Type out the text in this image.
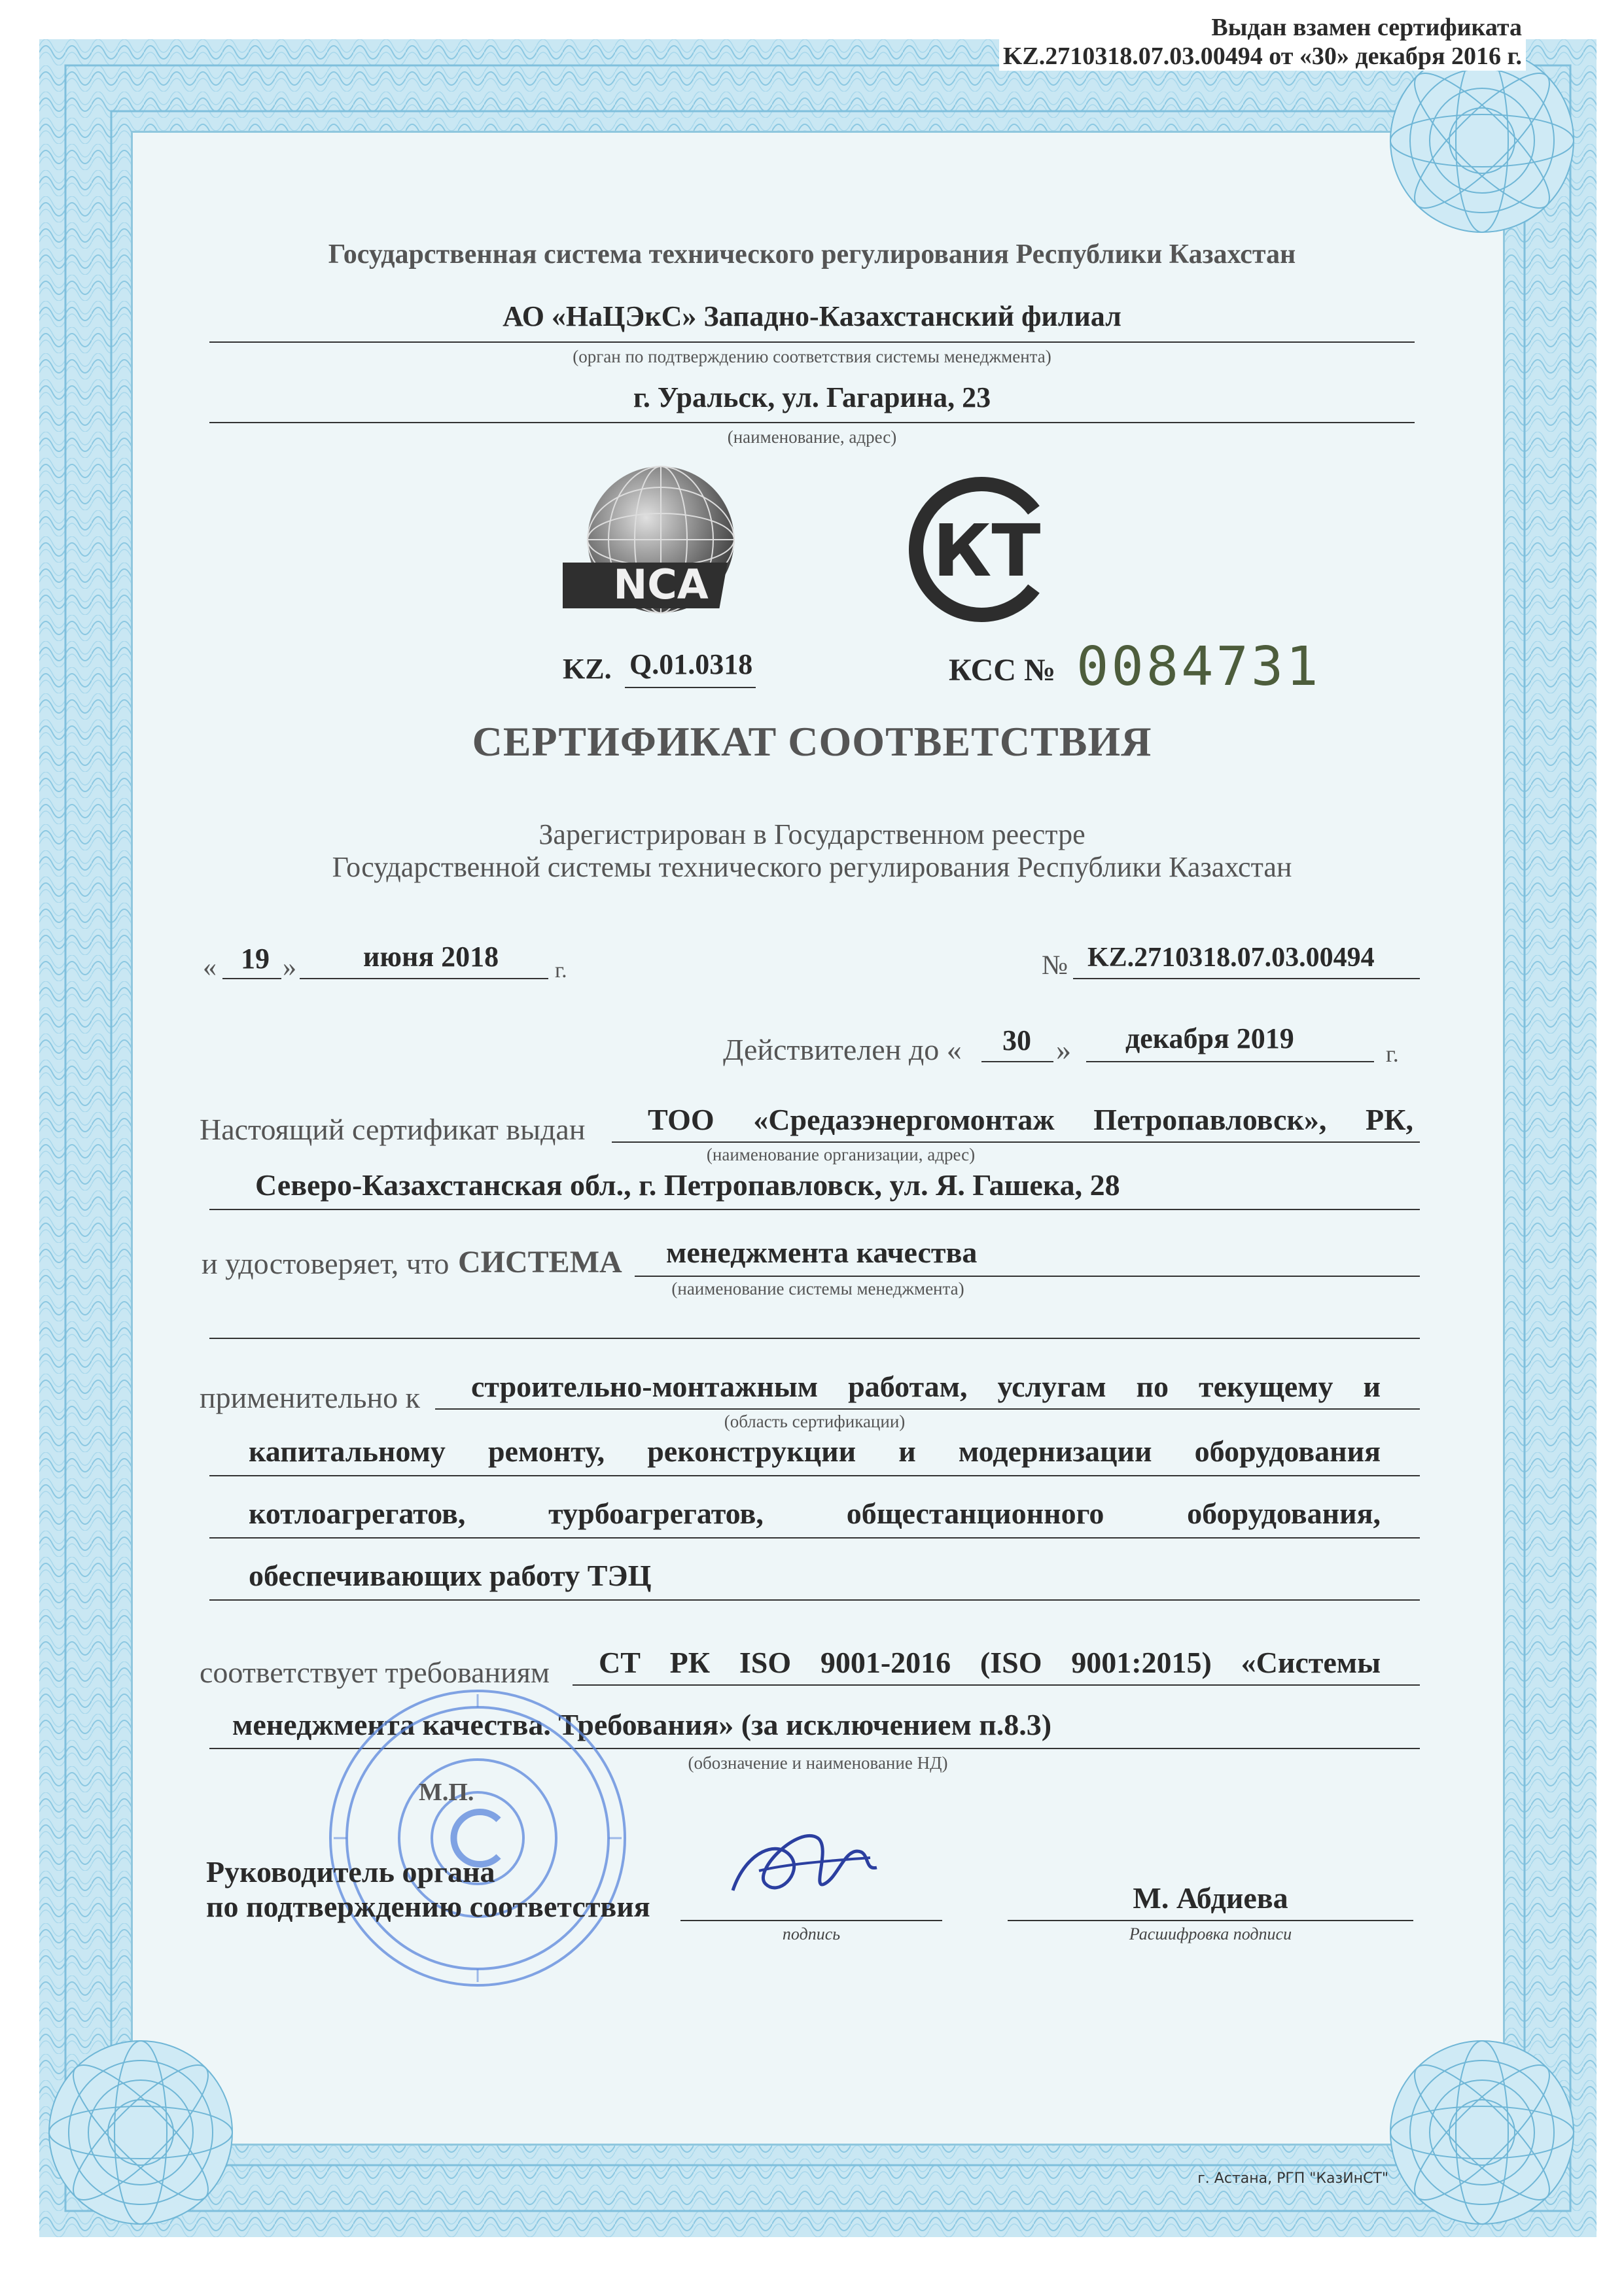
Выдан взамен сертификата
KZ.2710318.07.03.00494 от «30» декабря 2016 г.
Государственная система технического регулирования Республики Казахстан
АО «НаЦЭкС» Западно-Казахстанский филиал
(орган по подтверждению соответствия системы менеджмента)
г. Уральск, ул. Гагарина, 23
(наименование, адрес)
NCA	КТ
KZ. Q.01.0318	КСС № 0084731
СЕРТИФИКАТ СООТВЕТСТВИЯ
Зарегистрирован в Государственном реестре
Государственной системы технического регулирования Республики Казахстан
« 19 » июня 2018	г.	№ KZ.2710318.07.03.00494
Действителен до « 30 » декабря 2019	г.
Настоящий сертификат выдан ТОО «Средазэнергомонтаж Петропавловск», РК,
(наименование организации, адрес)
Северо-Казахстанская обл., г. Петропавловск, ул. Я. Гашека, 28
и удостоверяет, что СИСТЕМА менеджмента качества
(наименование системы менеджмента)
применительно к строительно-монтажным работам, услугам по текущему и
(область сертификации)
капитальному ремонту, реконструкции и модернизации оборудования
котлоагрегатов, турбоагрегатов, общестанционного оборудования,
обеспечивающих работу ТЭЦ
соответствует требованиям СТ РК ISO 9001-2016 (ISO 9001:2015) «Системы
менеджмента качества. Требования» (за исключением п.8.3)
(обозначение и наименование НД)
М.П.
Руководитель органа
по подтверждению соответствия
подпись
М. Абдиева
Расшифровка подписи
г. Астана, РГП "КазИнСТ"
